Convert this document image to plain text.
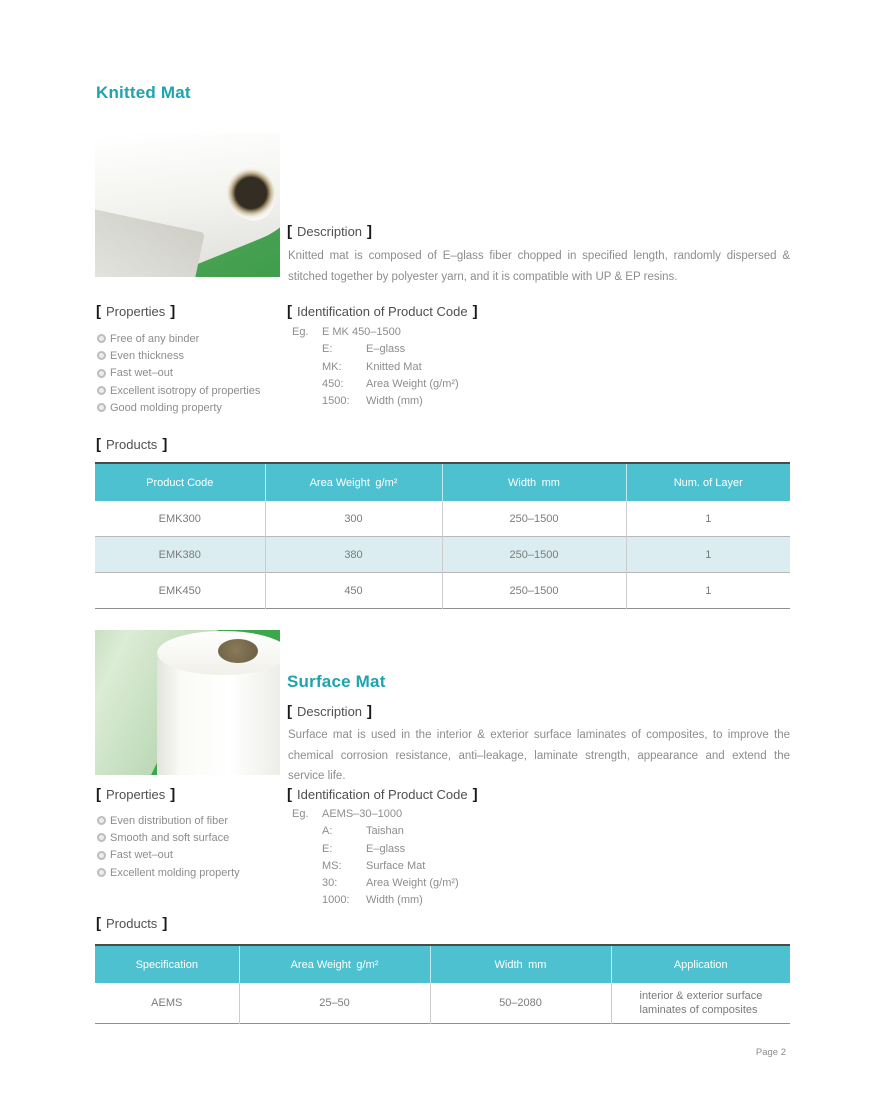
Knitted Mat
[ Description ]
Knitted mat is composed of E–glass fiber chopped in specified length, randomly dispersed & stitched together by polyester yarn, and it is compatible with UP & EP resins.
[ Properties ]
Free of any binder
Even thickness
Fast wet–out
Excellent isotropy of properties
Good molding property
[ Identification of Product Code ]
Eg. E MK 450–1500
E:	E–glass
MK: Knitted Mat
450: Area Weight (g/m²)
1500: Width (mm)
[ Products ]
Product Code	Area Weight g/m²	Width mm	Num. of Layer
EMK300	300	250–1500	1
EMK380	380	250–1500	1
EMK450	450	250–1500	1
Surface Mat
[ Description ]
Surface mat is used in the interior & exterior surface laminates of composites, to improve the chemical corrosion resistance, anti–leakage, laminate strength, appearance and extend the service life.
[ Properties ]
Even distribution of fiber
Smooth and soft surface
Fast wet–out
Excellent molding property
[ Identification of Product Code ]
Eg. AEMS–30–1000
A:	Taishan
E:	E–glass
MS: Surface Mat
30:	Area Weight (g/m²)
1000: Width (mm)
[ Products ]
Specification	Area Weight g/m²	Width mm	Application
AEMS	25–50	50–2080	interior & exterior surface laminates of composites
Page 2
